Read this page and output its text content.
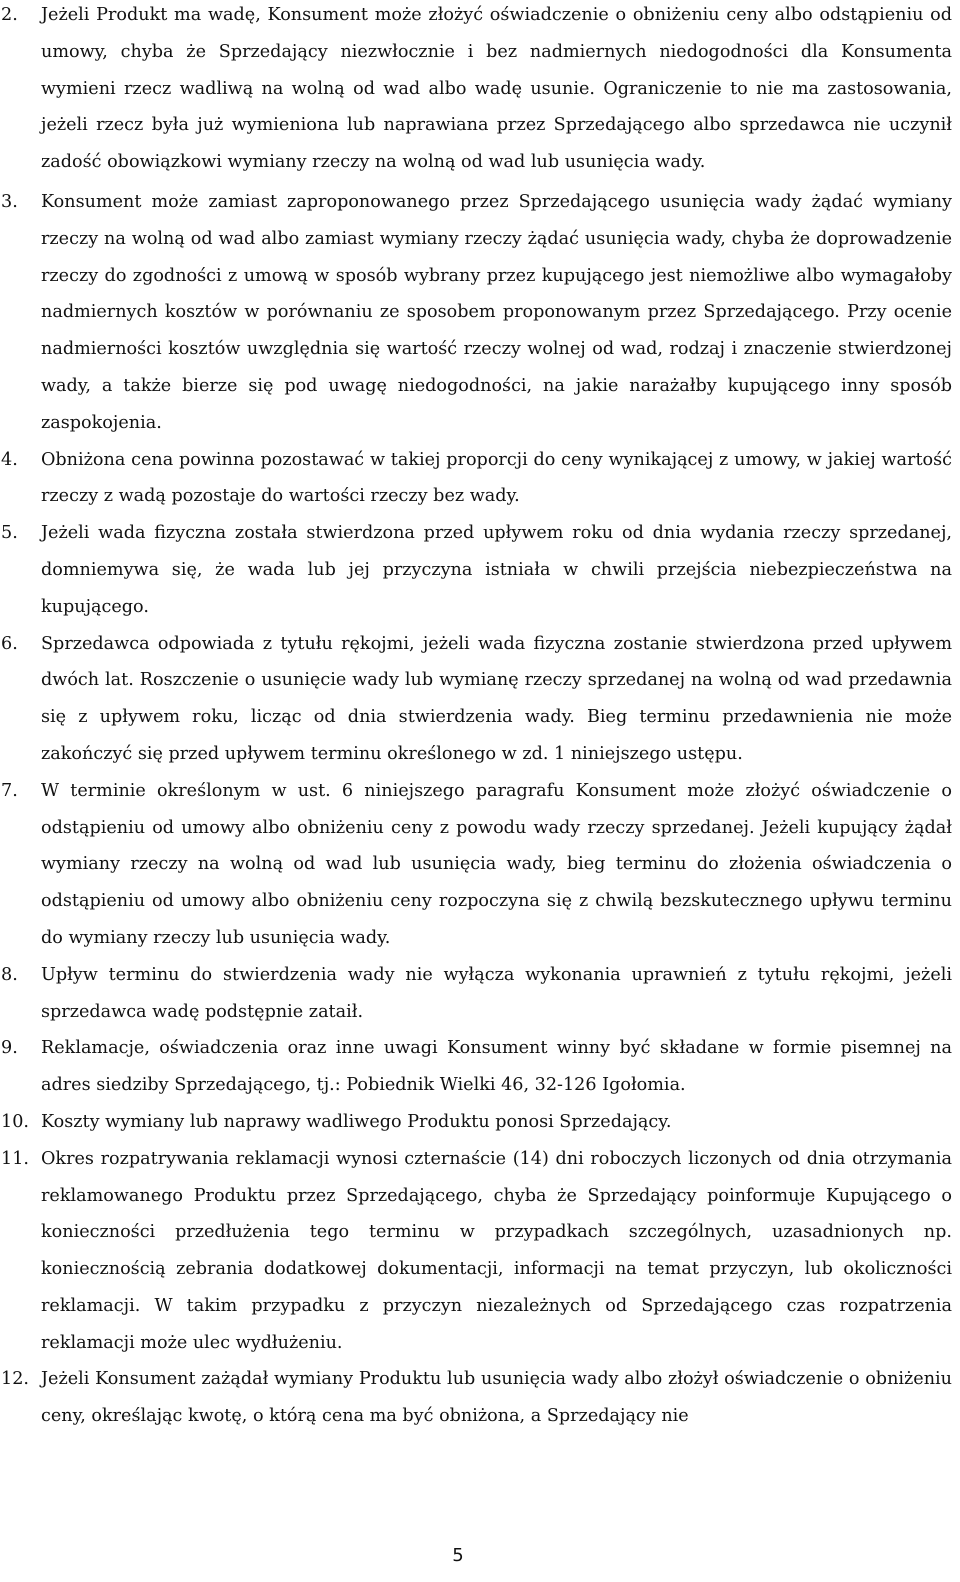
2. Jeżeli Produkt ma wadę, Konsument może złożyć oświadczenie o obniżeniu ceny albo odstąpieniu od umowy, chyba że Sprzedający niezwłocznie i bez nadmiernych niedogodności dla Konsumenta wymieni rzecz wadliwą na wolną od wad albo wadę usunie. Ograniczenie to nie ma zastosowania, jeżeli rzecz była już wymieniona lub naprawiana przez Sprzedającego albo sprzedawca nie uczynił zadość obowiązkowi wymiany rzeczy na wolną od wad lub usunięcia wady.
3. Konsument może zamiast zaproponowanego przez Sprzedającego usunięcia wady żądać wymiany rzeczy na wolną od wad albo zamiast wymiany rzeczy żądać usunięcia wady, chyba że doprowadzenie rzeczy do zgodności z umową w sposób wybrany przez kupującego jest niemożliwe albo wymagałoby nadmiernych kosztów w porównaniu ze sposobem proponowanym przez Sprzedającego. Przy ocenie nadmierności kosztów uwzględnia się wartość rzeczy wolnej od wad, rodzaj i znaczenie stwierdzonej wady, a także bierze się pod uwagę niedogodności, na jakie narażałby kupującego inny sposób zaspokojenia.
4. Obniżona cena powinna pozostawać w takiej proporcji do ceny wynikającej z umowy, w jakiej wartość rzeczy z wadą pozostaje do wartości rzeczy bez wady.
5. Jeżeli wada fizyczna została stwierdzona przed upływem roku od dnia wydania rzeczy sprzedanej, domniemywa się, że wada lub jej przyczyna istniała w chwili przejścia niebezpieczeństwa na kupującego.
6. Sprzedawca odpowiada z tytułu rękojmi, jeżeli wada fizyczna zostanie stwierdzona przed upływem dwóch lat. Roszczenie o usunięcie wady lub wymianę rzeczy sprzedanej na wolną od wad przedawnia się z upływem roku, licząc od dnia stwierdzenia wady. Bieg terminu przedawnienia nie może zakończyć się przed upływem terminu określonego w zd. 1 niniejszego ustępu.
7. W terminie określonym w ust. 6 niniejszego paragrafu Konsument może złożyć oświadczenie o odstąpieniu od umowy albo obniżeniu ceny z powodu wady rzeczy sprzedanej. Jeżeli kupujący żądał wymiany rzeczy na wolną od wad lub usunięcia wady, bieg terminu do złożenia oświadczenia o odstąpieniu od umowy albo obniżeniu ceny rozpoczyna się z chwilą bezskutecznego upływu terminu do wymiany rzeczy lub usunięcia wady.
8. Upływ terminu do stwierdzenia wady nie wyłącza wykonania uprawnień z tytułu rękojmi, jeżeli sprzedawca wadę podstępnie zataił.
9. Reklamacje, oświadczenia oraz inne uwagi Konsument winny być składane w formie pisemnej na adres siedziby Sprzedającego, tj.: Pobiednik Wielki 46, 32-126 Igołomia.
10. Koszty wymiany lub naprawy wadliwego Produktu ponosi Sprzedający.
11. Okres rozpatrywania reklamacji wynosi czternaście (14) dni roboczych liczonych od dnia otrzymania reklamowanego Produktu przez Sprzedającego, chyba że Sprzedający poinformuje Kupującego o konieczności przedłużenia tego terminu w przypadkach szczególnych, uzasadnionych np. koniecznością zebrania dodatkowej dokumentacji, informacji na temat przyczyn, lub okoliczności reklamacji. W takim przypadku z przyczyn niezależnych od Sprzedającego czas rozpatrzenia reklamacji może ulec wydłużeniu.
12. Jeżeli Konsument zażądał wymiany Produktu lub usunięcia wady albo złożył oświadczenie o obniżeniu ceny, określając kwotę, o którą cena ma być obniżona, a Sprzedający nie
5
